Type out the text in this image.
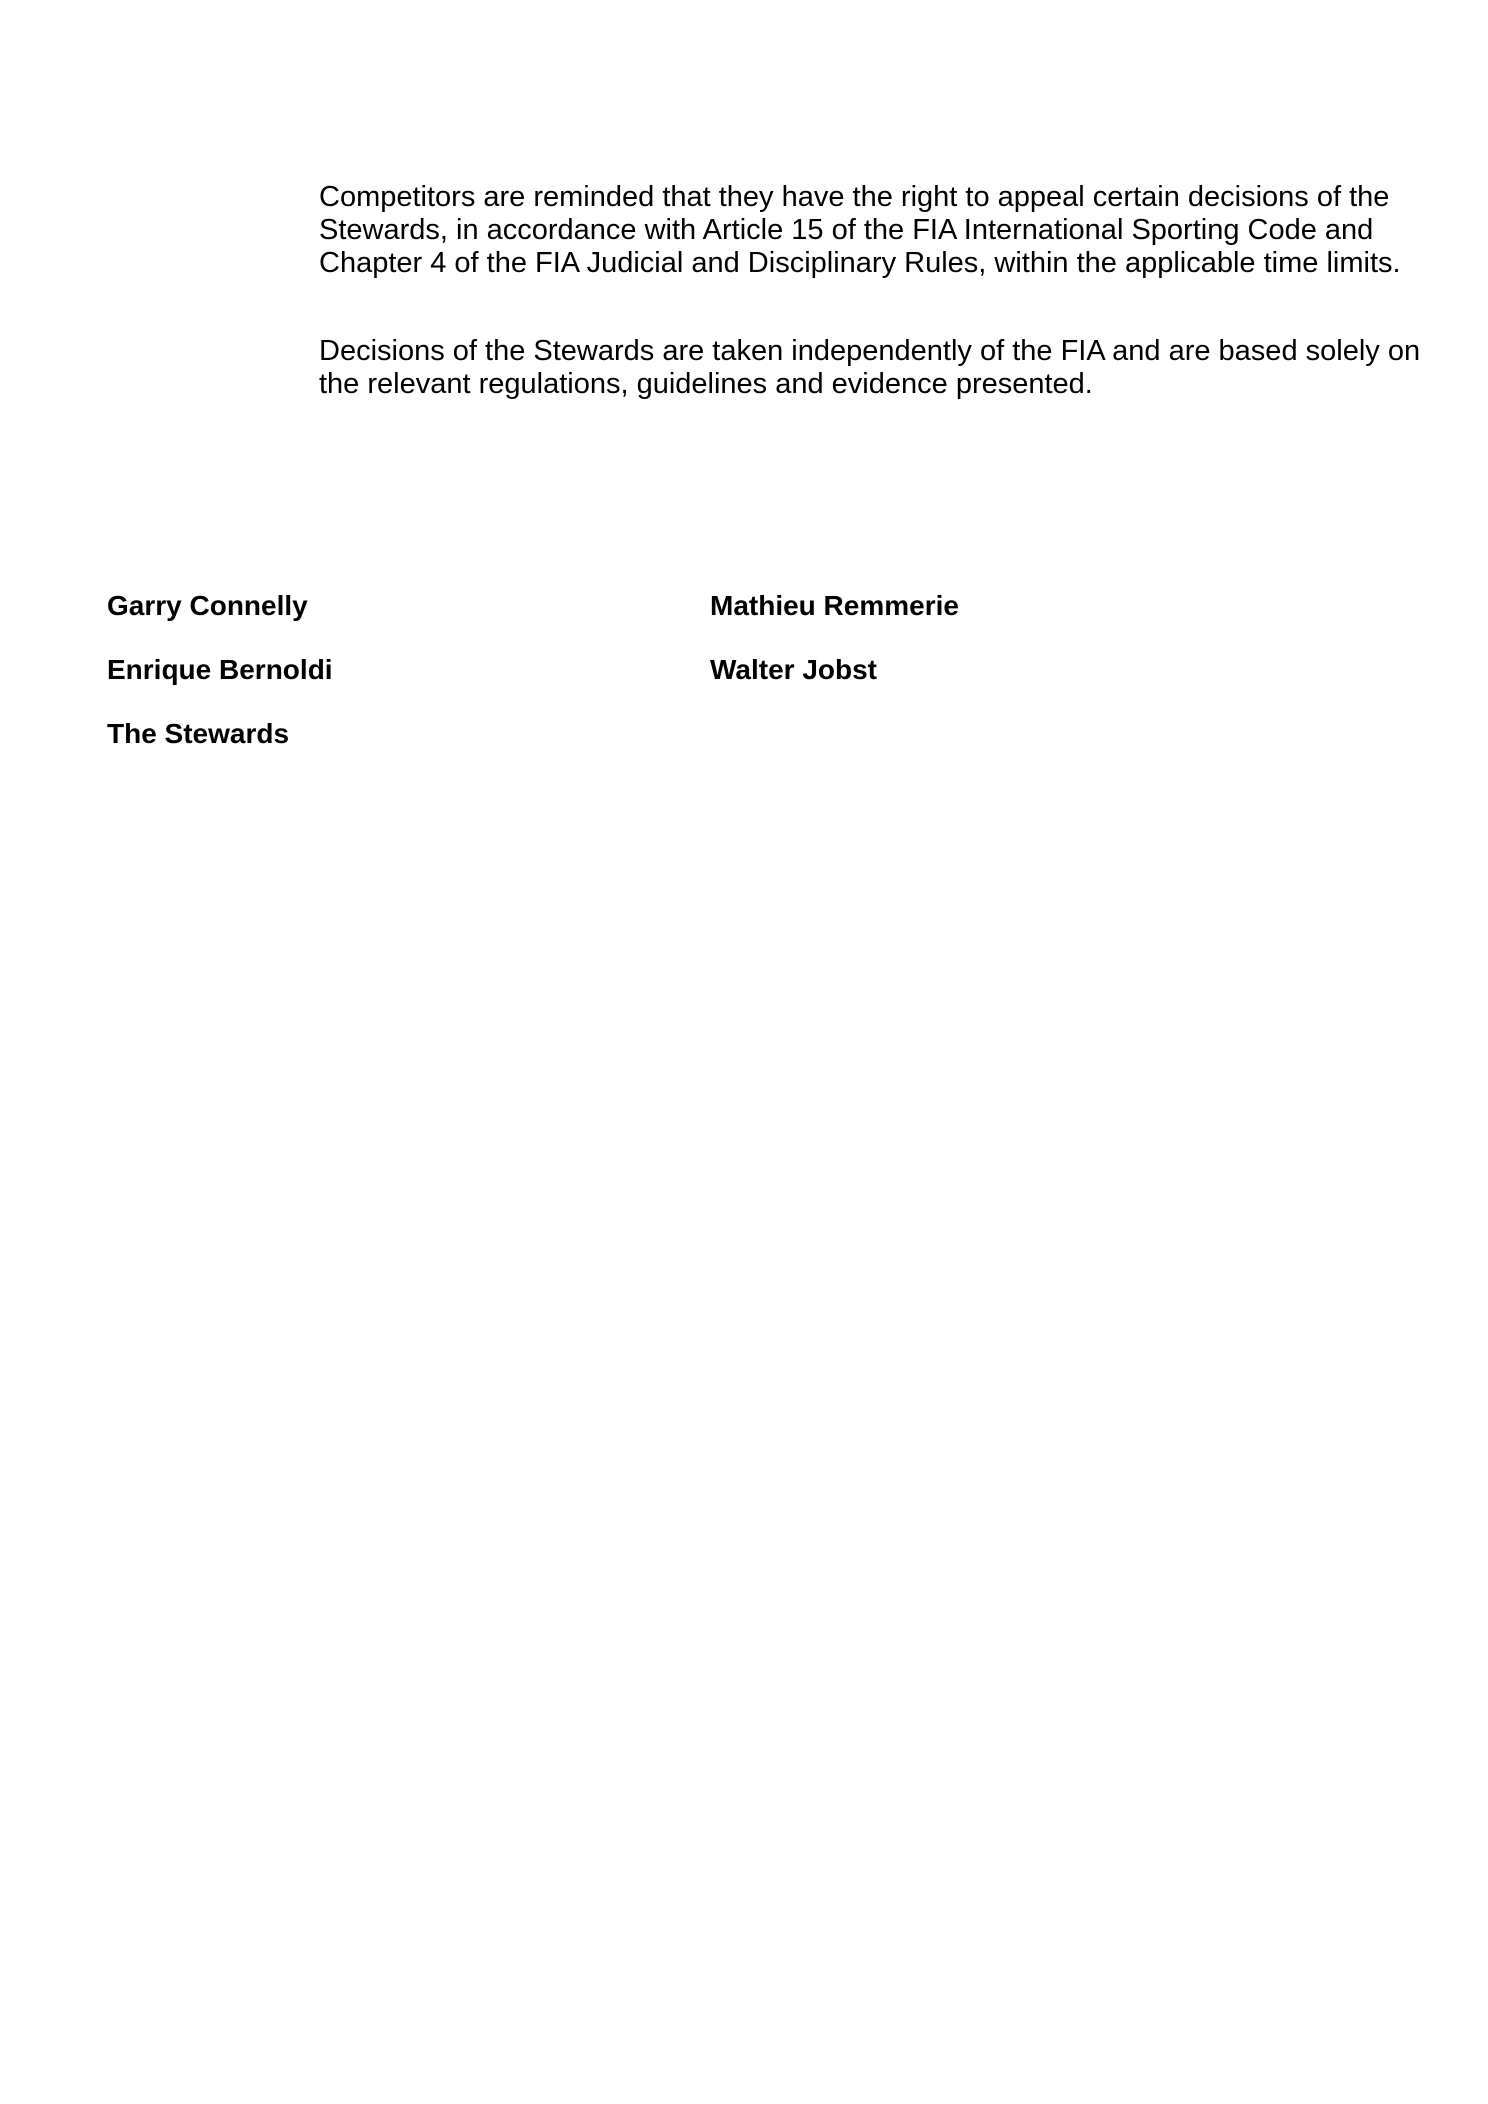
Competitors are reminded that they have the right to appeal certain decisions of the Stewards, in accordance with Article 15 of the FIA International Sporting Code and Chapter 4 of the FIA Judicial and Disciplinary Rules, within the applicable time limits.

Decisions of the Stewards are taken independently of the FIA and are based solely on the relevant regulations, guidelines and evidence presented.

Garry Connelly	Mathieu Remmerie

Enrique Bernoldi	Walter Jobst

The Stewards
